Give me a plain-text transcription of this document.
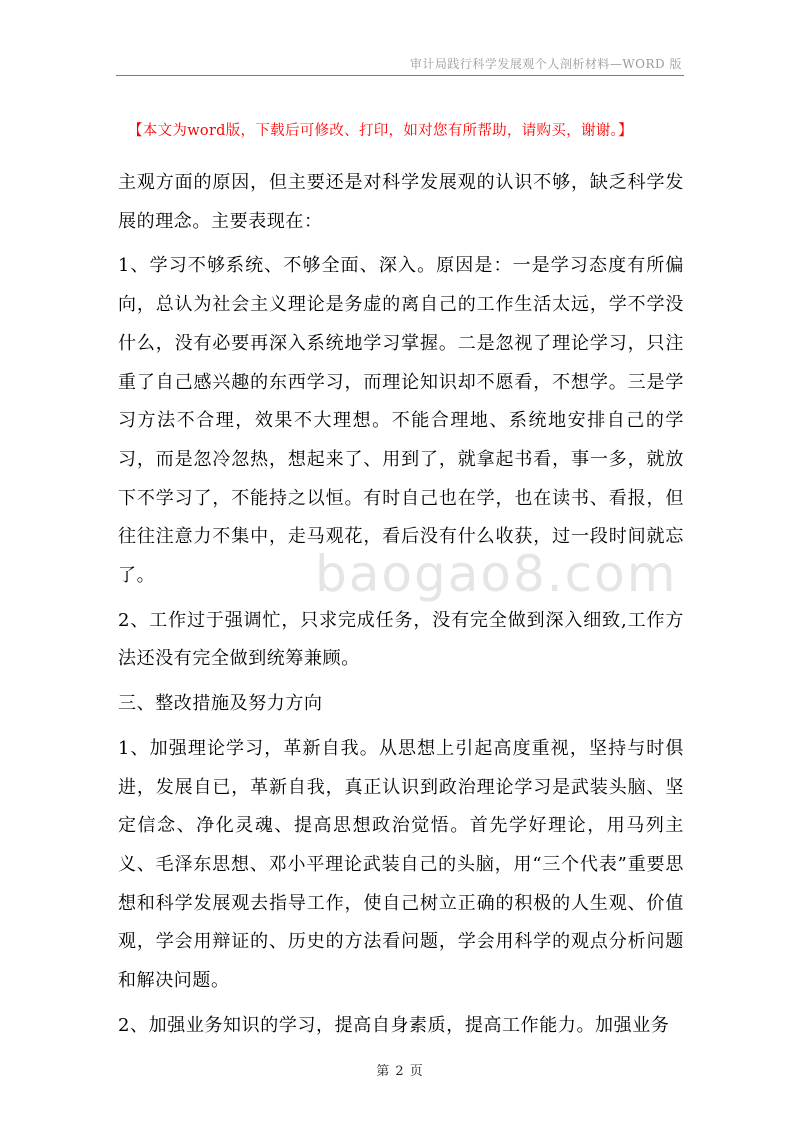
审计局践行科学发展观个人剖析材料—WORD 版
【本文为word版，下载后可修改、打印，如对您有所帮助，请购买，谢谢。】
baogao8.com

主观方面的原因，但主要还是对科学发展观的认识不够，缺乏科学发展的理念。主要表现在：

1、学习不够系统、不够全面、深入。原因是：一是学习态度有所偏向，总认为社会主义理论是务虚的离自己的工作生活太远，学不学没什么，没有必要再深入系统地学习掌握。二是忽视了理论学习，只注重了自己感兴趣的东西学习，而理论知识却不愿看，不想学。三是学习方法不合理，效果不大理想。不能合理地、系统地安排自己的学习，而是忽冷忽热，想起来了、用到了，就拿起书看，事一多，就放下不学习了，不能持之以恒。有时自己也在学，也在读书、看报，但往往注意力不集中，走马观花，看后没有什么收获，过一段时间就忘了。

2、工作过于强调忙，只求完成任务，没有完全做到深入细致,工作方法还没有完全做到统筹兼顾。

三、整改措施及努力方向

1、加强理论学习，革新自我。从思想上引起高度重视，坚持与时俱进，发展自已，革新自我，真正认识到政治理论学习是武装头脑、坚定信念、净化灵魂、提高思想政治觉悟。首先学好理论，用马列主义、毛泽东思想、邓小平理论武装自己的头脑，用“三个代表”重要思想和科学发展观去指导工作，使自己树立正确的积极的人生观、价值观，学会用辩证的、历史的方法看问题，学会用科学的观点分析问题和解决问题。

2、加强业务知识的学习，提高自身素质，提高工作能力。加强业务

第 2 页
